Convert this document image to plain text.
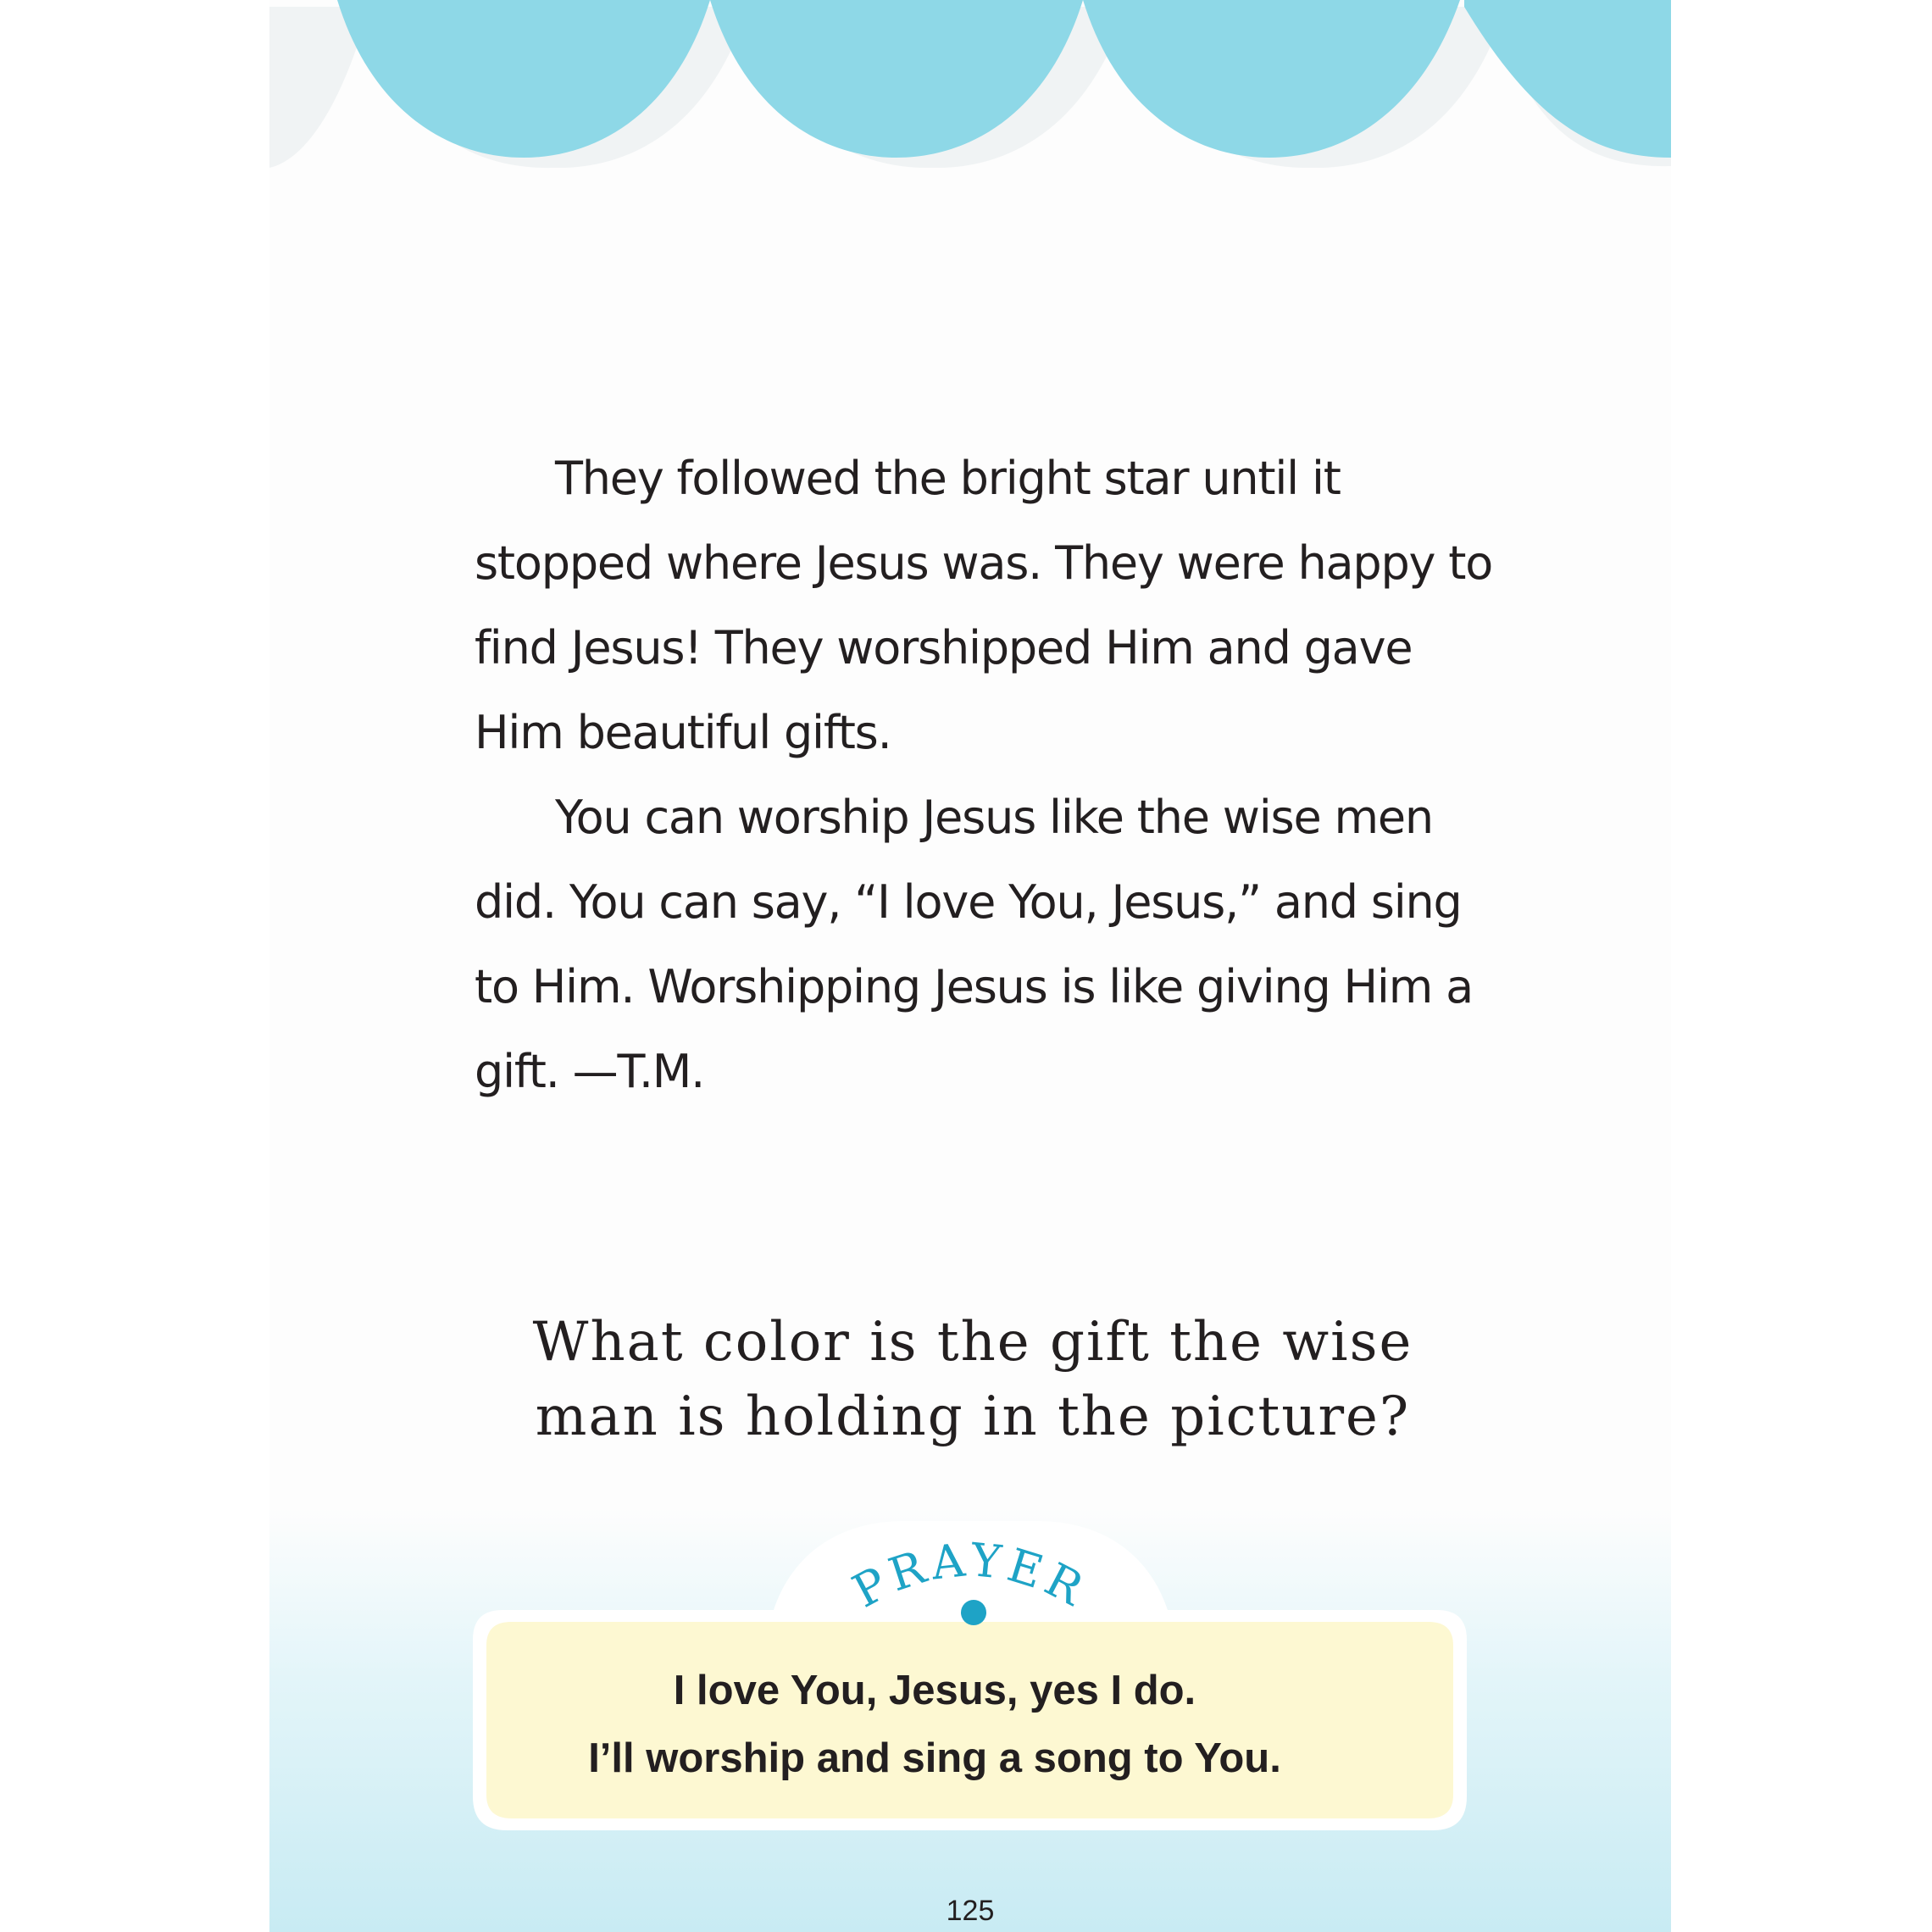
They followed the bright star until it stopped where Jesus was. They were happy to find Jesus! They worshipped Him and gave Him beautiful gifts.

You can worship Jesus like the wise men did. You can say, “I love You, Jesus,” and sing to Him. Worshipping Jesus is like giving Him a gift. —T.M.

What color is the gift the wise
man is holding in the picture?
PRAYER
I love You, Jesus, yes I do.
I’ll worship and sing a song to You.
125
